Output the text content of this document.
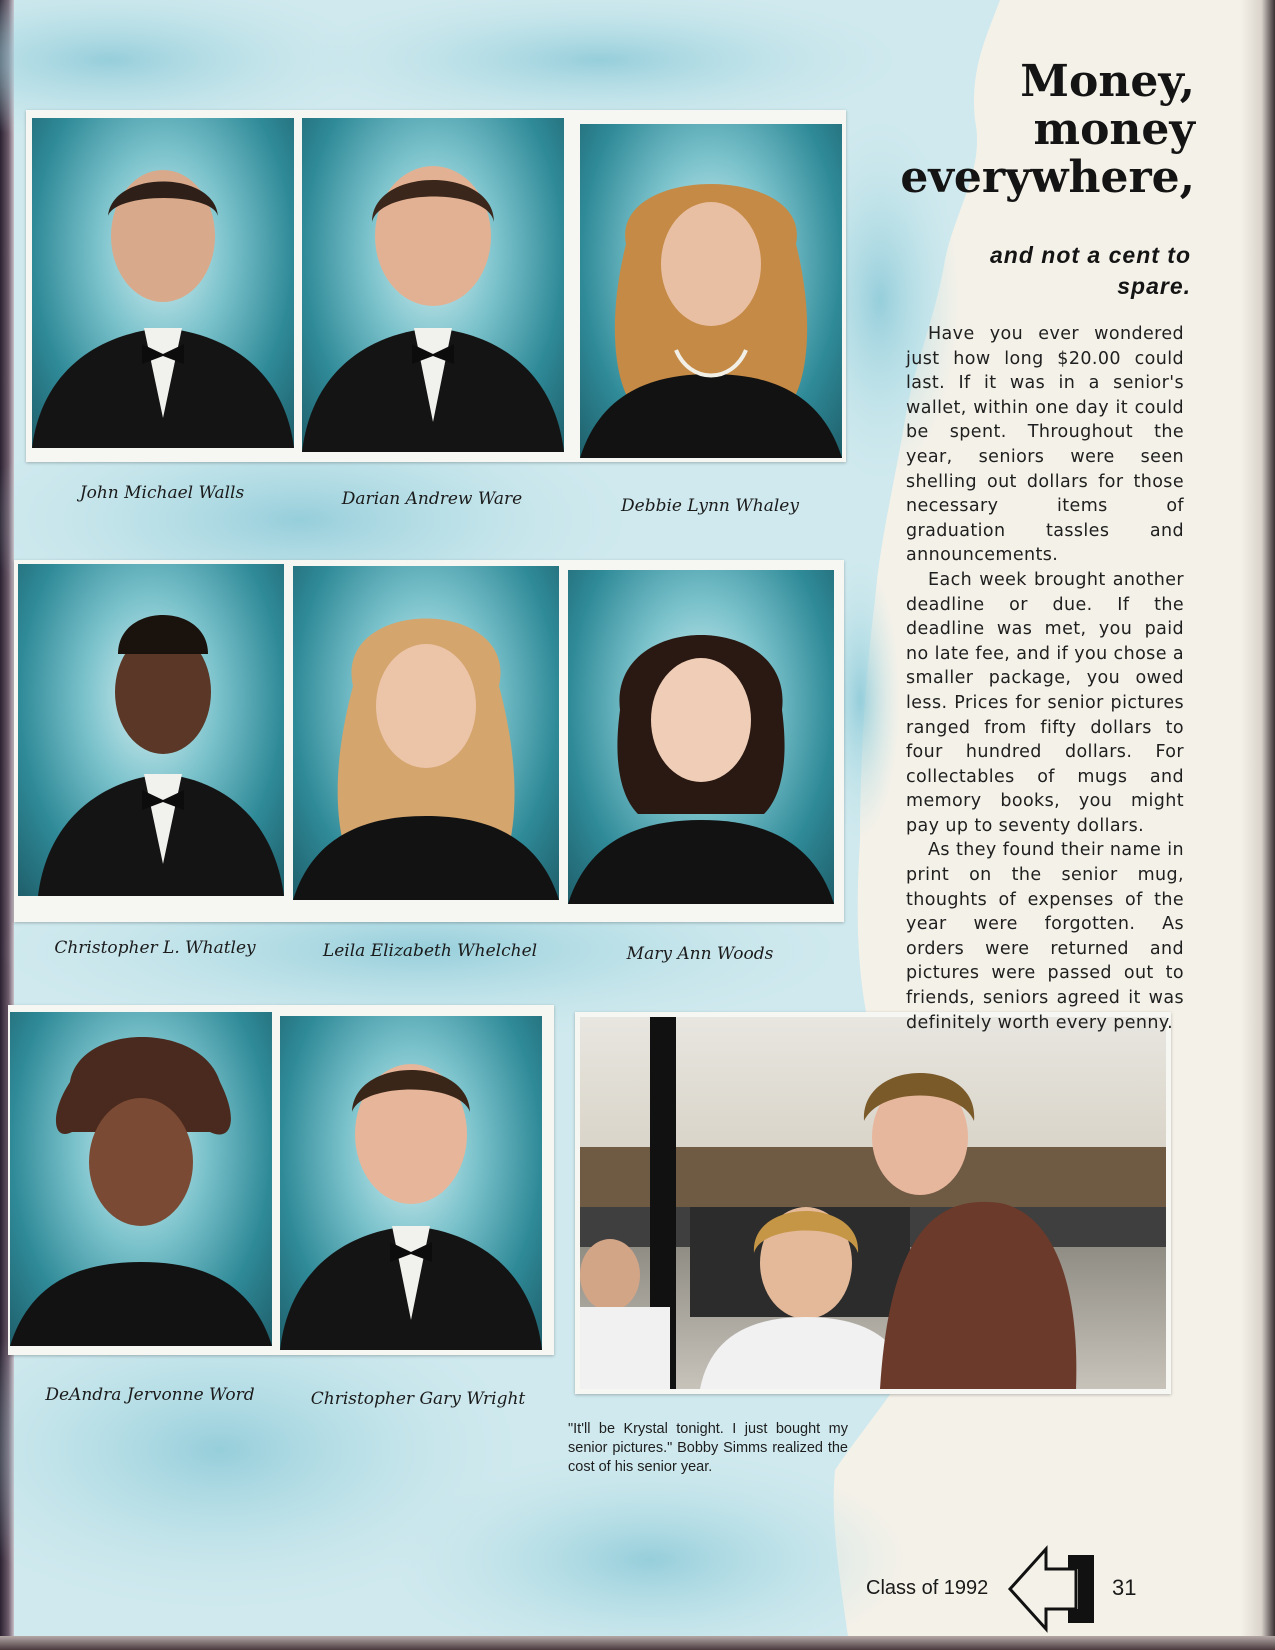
John Michael Walls	Darian Andrew Ware	Debbie Lynn Whaley
Christopher L. Whatley	Leila Elizabeth Whelchel	Mary Ann Woods
DeAndra Jervonne Word	Christopher Gary Wright
"It'll be Krystal tonight. I just bought my senior pictures." Bobby Simms realized the cost of his senior year.
Money,
money
everywhere,
and not a cent to spare.

Have you ever wondered just how long $20.00 could last. If it was in a senior's wallet, within one day it could be spent. Throughout the year, seniors were seen shelling out dollars for those necessary items of graduation tassles and announcements.

Each week brought another deadline or due. If the deadline was met, you paid no late fee, and if you chose a smaller package, you owed less. Prices for senior pictures ranged from fifty dollars to four hundred dollars. For collectables of mugs and memory books, you might pay up to seventy dollars.

As they found their name in print on the senior mug, thoughts of expenses of the year were forgotten. As orders were returned and pictures were passed out to friends, seniors agreed it was definitely worth every penny.

Class of 1992	31
